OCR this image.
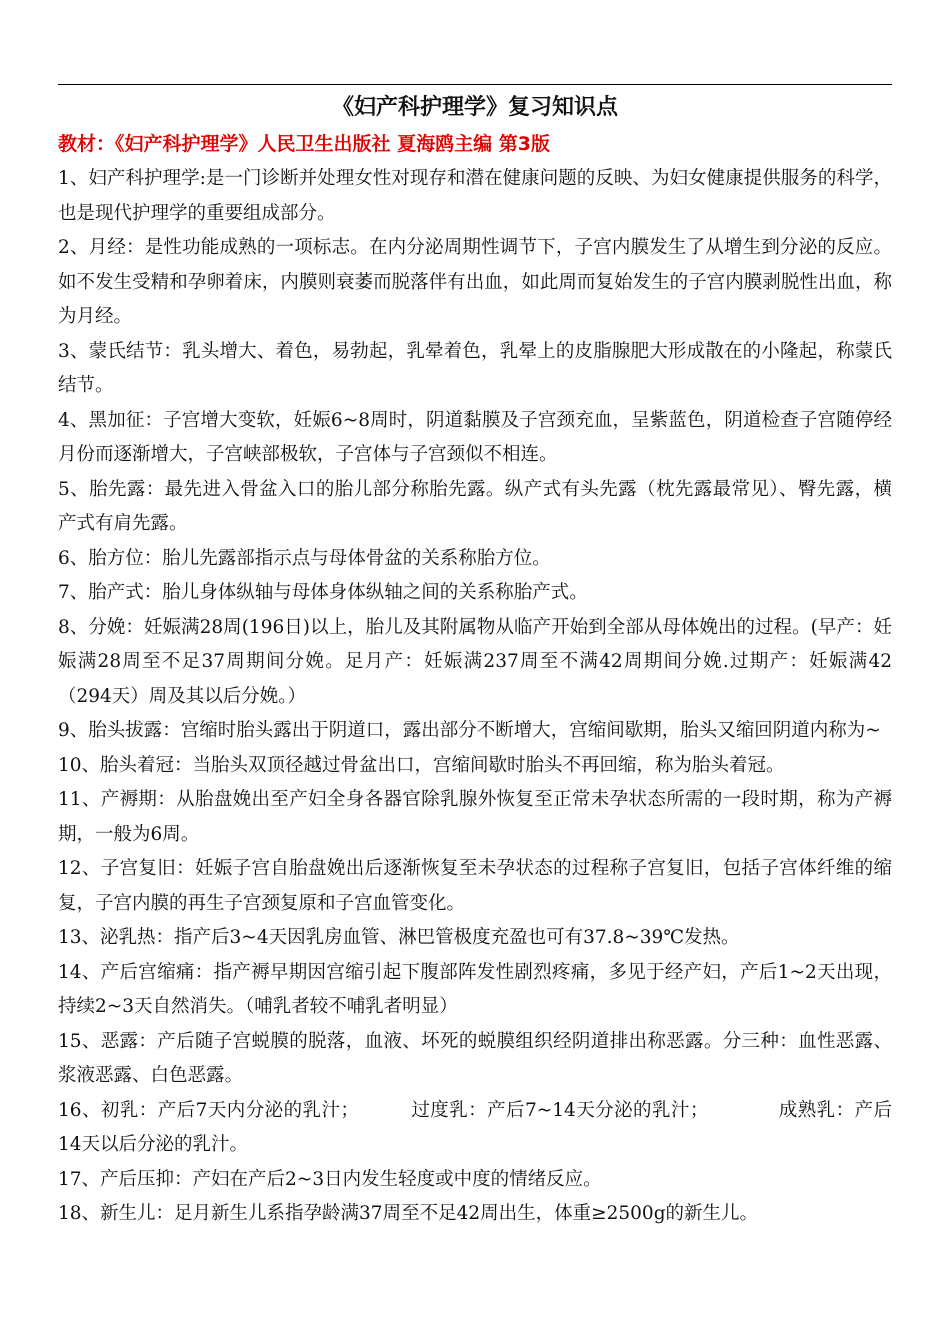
《妇产科护理学》复习知识点
教材：《妇产科护理学》人民卫生出版社 夏海鸥主编 第3版

1、妇产科护理学:是一门诊断并处理女性对现存和潜在健康问题的反映、为妇女健康提供服务的科学，也是现代护理学的重要组成部分。

2、月经：是性功能成熟的一项标志。在内分泌周期性调节下，子宫内膜发生了从增生到分泌的反应。如不发生受精和孕卵着床，内膜则衰萎而脱落伴有出血，如此周而复始发生的子宫内膜剥脱性出血，称为月经。

3、蒙氏结节：乳头增大、着色，易勃起，乳晕着色，乳晕上的皮脂腺肥大形成散在的小隆起，称蒙氏结节。

4、黑加征：子宫增大变软，妊娠6~8周时，阴道黏膜及子宫颈充血，呈紫蓝色，阴道检查子宫随停经月份而逐渐增大，子宫峡部极软，子宫体与子宫颈似不相连。

5、胎先露：最先进入骨盆入口的胎儿部分称胎先露。纵产式有头先露（枕先露最常见）、臀先露，横产式有肩先露。

6、胎方位：胎儿先露部指示点与母体骨盆的关系称胎方位。

7、胎产式：胎儿身体纵轴与母体身体纵轴之间的关系称胎产式。

8、分娩：妊娠满28周(196日)以上，胎儿及其附属物从临产开始到全部从母体娩出的过程。(早产：妊娠满28周至不足37周期间分娩。足月产：妊娠满237周至不满42周期间分娩.过期产：妊娠满42（294天）周及其以后分娩。）

9、胎头拔露：宫缩时胎头露出于阴道口，露出部分不断增大，宫缩间歇期，胎头又缩回阴道内称为~

10、胎头着冠：当胎头双顶径越过骨盆出口，宫缩间歇时胎头不再回缩，称为胎头着冠。

11、产褥期：从胎盘娩出至产妇全身各器官除乳腺外恢复至正常未孕状态所需的一段时期，称为产褥期，一般为6周。

12、子宫复旧：妊娠子宫自胎盘娩出后逐渐恢复至未孕状态的过程称子宫复旧，包括子宫体纤维的缩复，子宫内膜的再生子宫颈复原和子宫血管变化。

13、泌乳热：指产后3~4天因乳房血管、淋巴管极度充盈也可有37.8~39℃发热。

14、产后宫缩痛：指产褥早期因宫缩引起下腹部阵发性剧烈疼痛，多见于经产妇，产后1~2天出现，持续2~3天自然消失。（哺乳者较不哺乳者明显）

15、恶露：产后随子宫蜕膜的脱落，血液、坏死的蜕膜组织经阴道排出称恶露。分三种：血性恶露、浆液恶露、白色恶露。

16、初乳：产后7天内分泌的乳汁；	过度乳：产后7~14天分泌的乳汁；	成熟乳：产后14天以后分泌的乳汁。

17、产后压抑：产妇在产后2~3日内发生轻度或中度的情绪反应。

18、新生儿：足月新生儿系指孕龄满37周至不足42周出生，体重≥2500g的新生儿。
